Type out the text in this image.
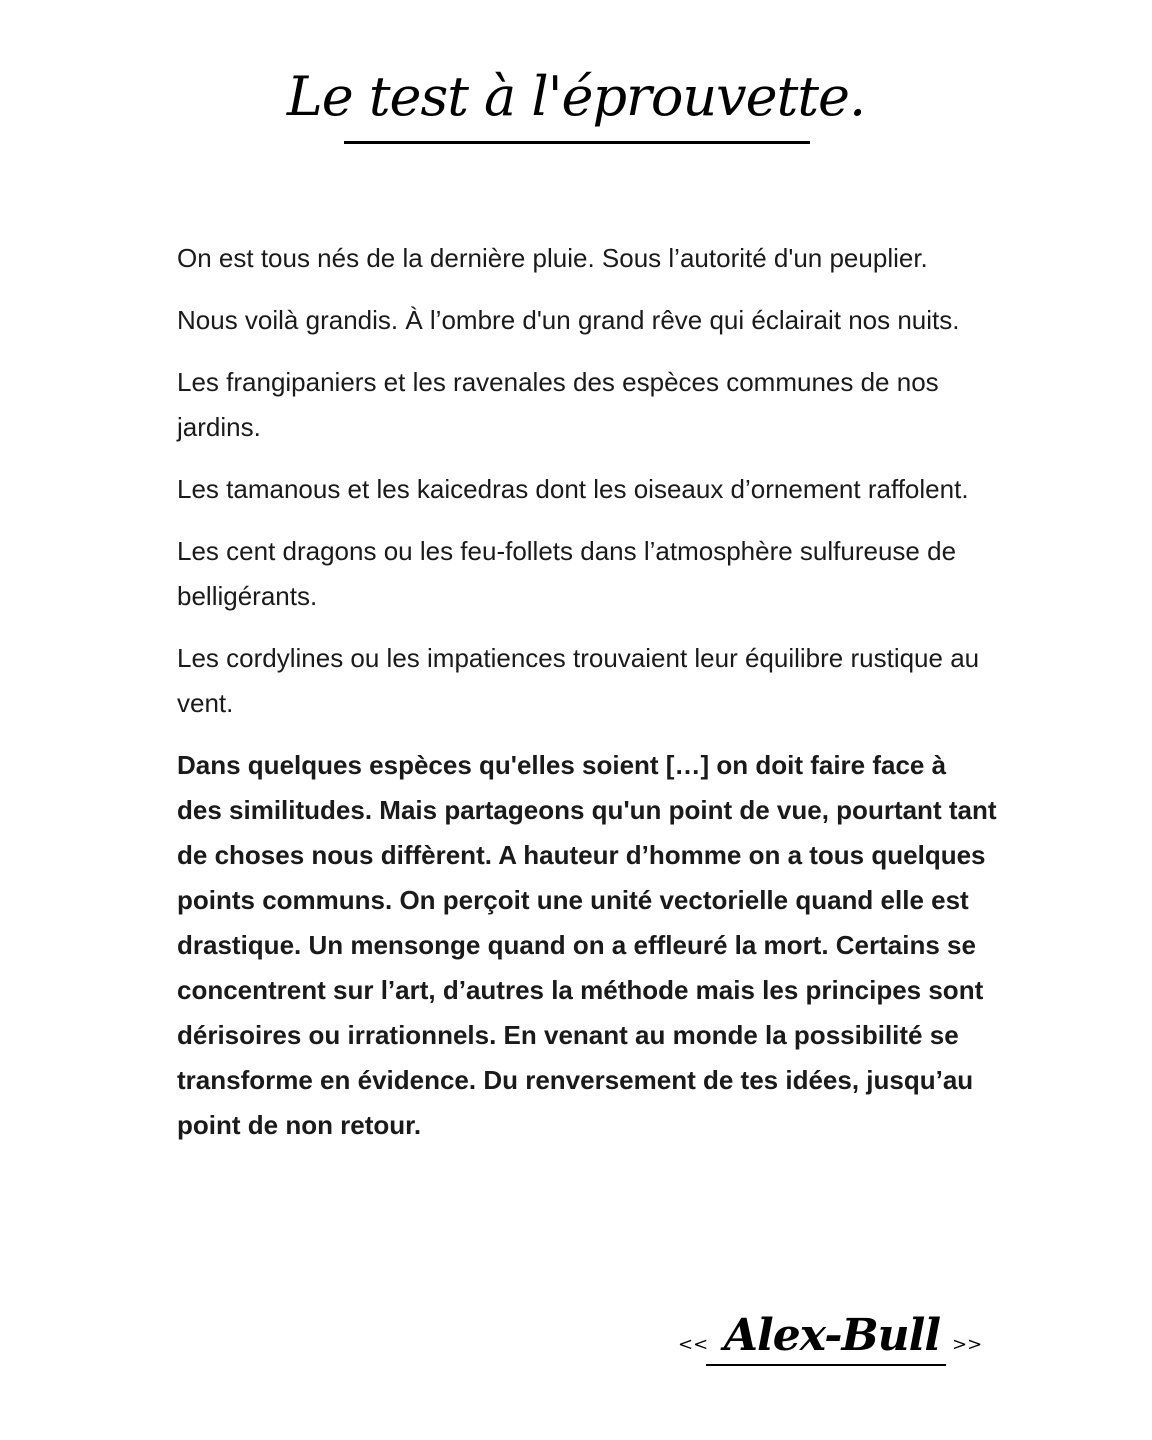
Le test à l'éprouvette.

On est tous nés de la dernière pluie. Sous l’autorité d'un peuplier.

Nous voilà grandis. À l’ombre d'un grand rêve qui éclairait nos nuits.

Les frangipaniers et les ravenales des espèces communes de nos jardins.

Les tamanous et les kaicedras dont les oiseaux d’ornement raffolent.

Les cent dragons ou les feu-follets dans l’atmosphère sulfureuse de belligérants.

Les cordylines ou les impatiences trouvaient leur équilibre rustique au vent.

Dans quelques espèces qu'elles soient […] on doit faire face à des similitudes. Mais partageons qu'un point de vue, pourtant tant de choses nous diffèrent. A hauteur d’homme on a tous quelques points communs. On perçoit une unité vectorielle quand elle est drastique. Un mensonge quand on a effleuré la mort. Certains se concentrent sur l’art, d’autres la méthode mais les principes sont dérisoires ou irrationnels. En venant au monde la possibilité se transforme en évidence. Du renversement de tes idées, jusqu’au point de non retour.

<< Alex-Bull >>
